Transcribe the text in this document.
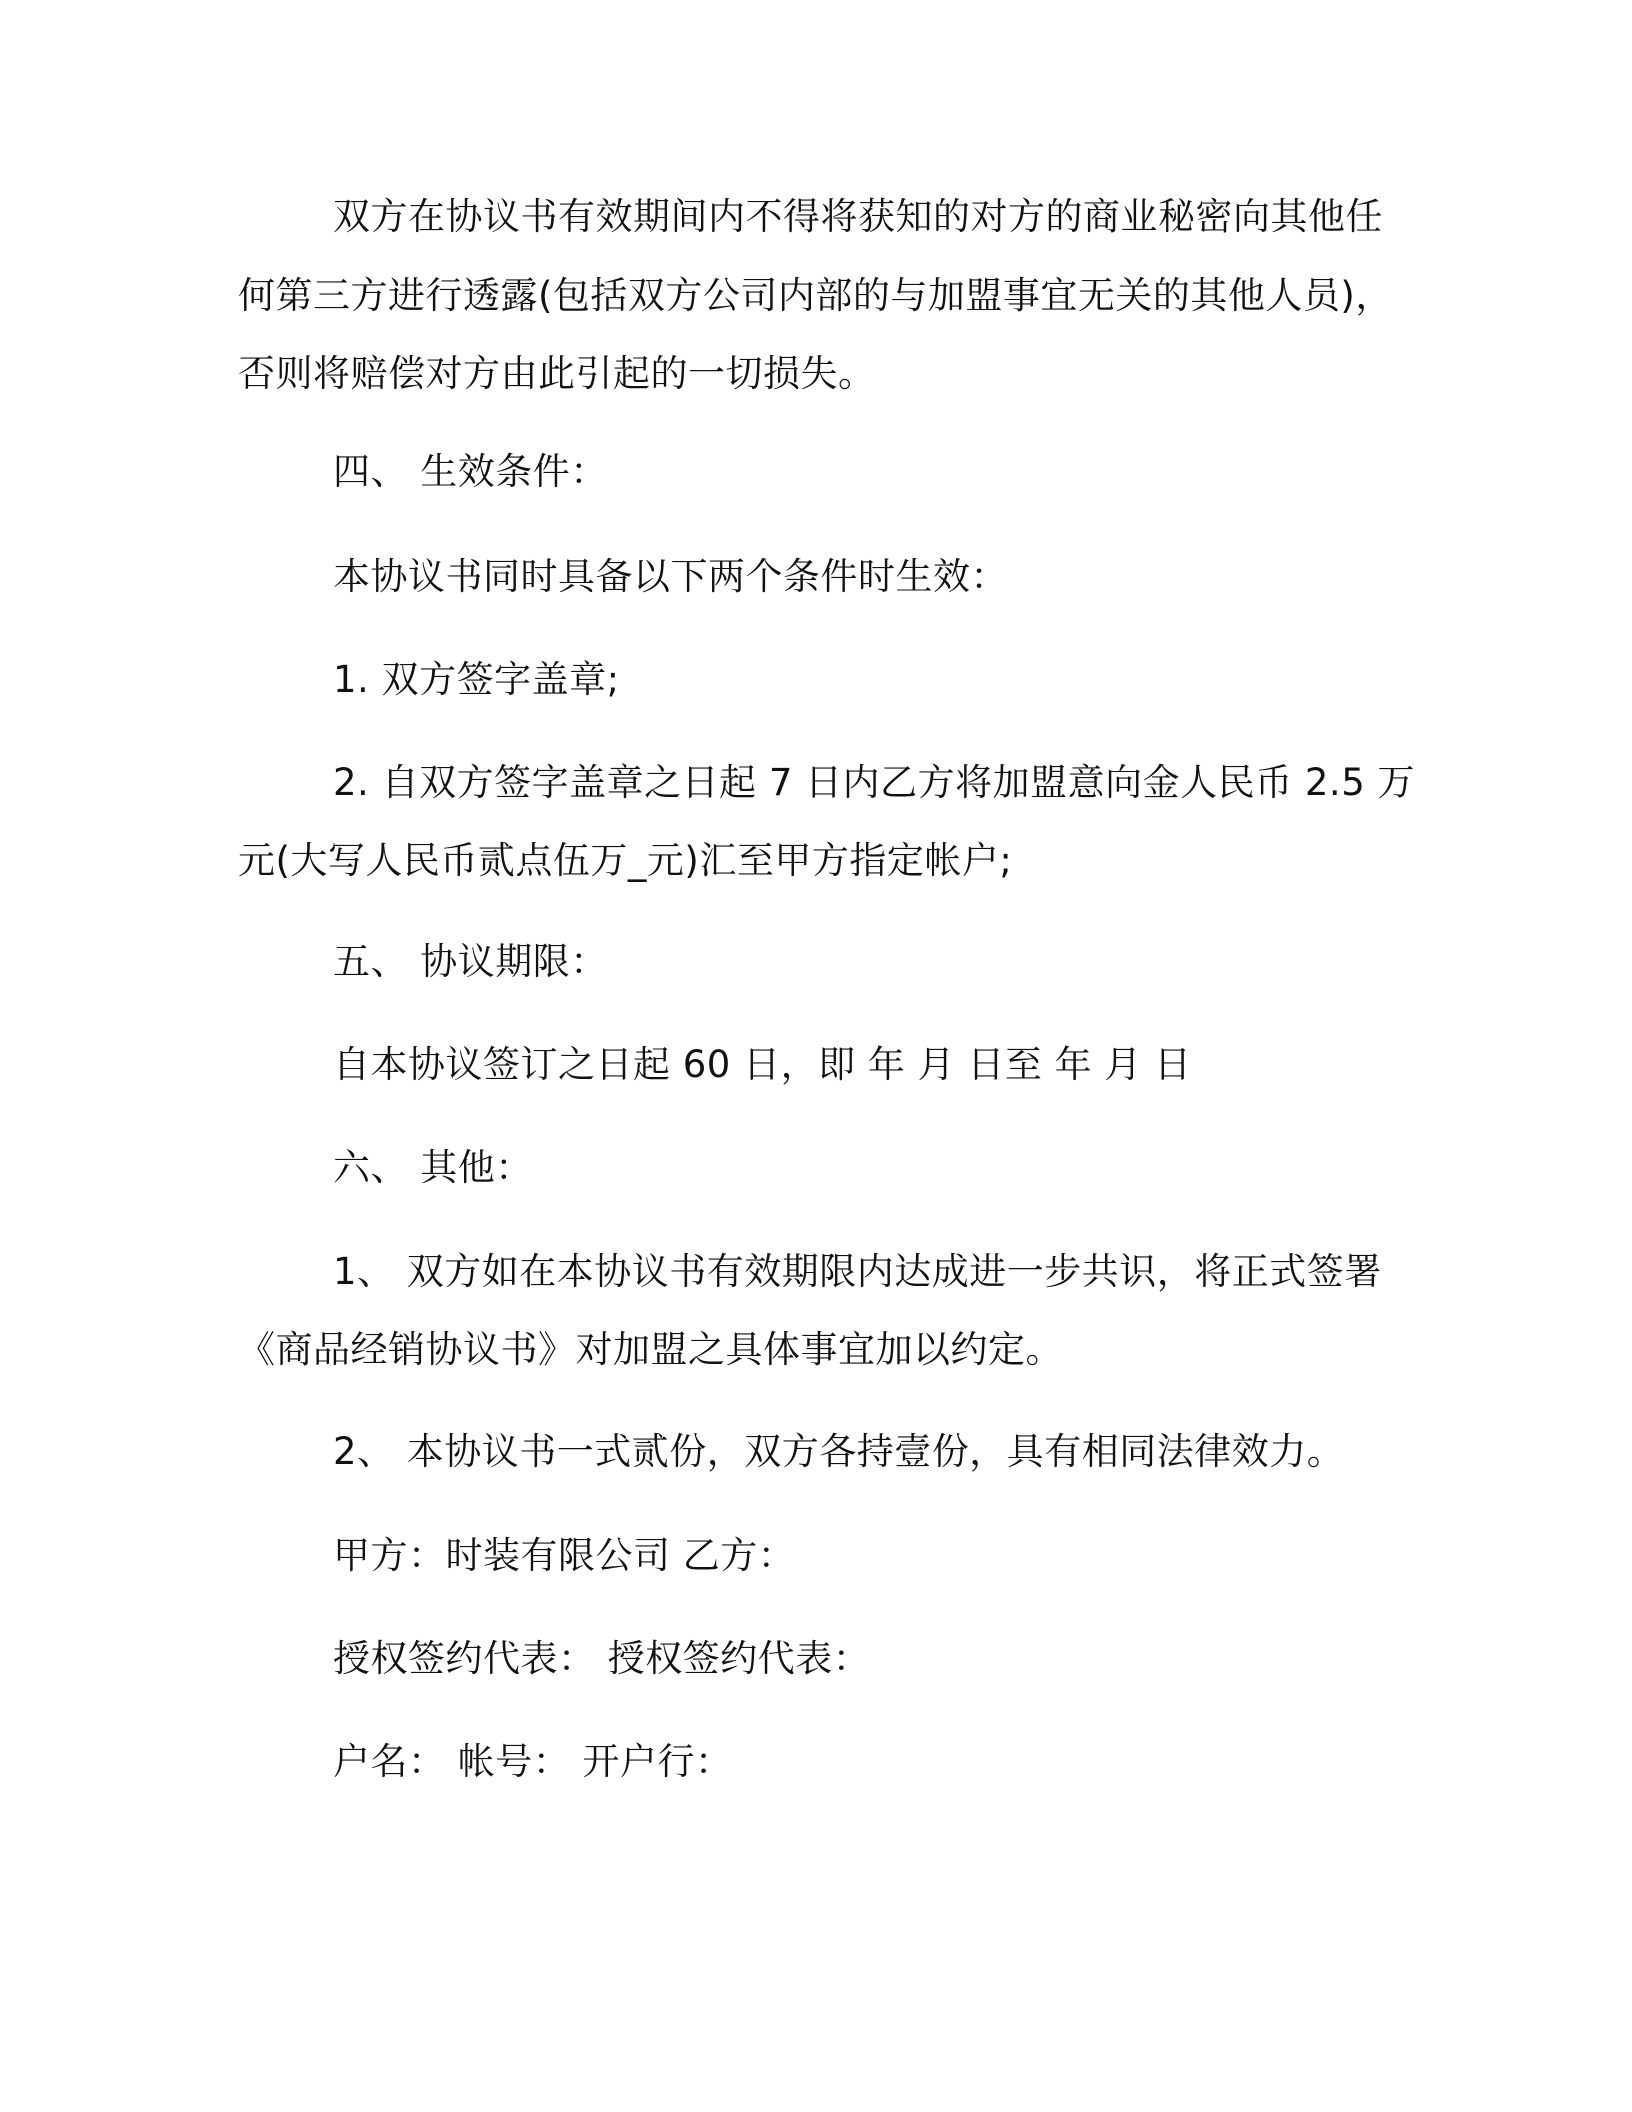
双方在协议书有效期间内不得将获知的对方的商业秘密向其他任
何第三方进行透露(包括双方公司内部的与加盟事宜无关的其他人员)，
否则将赔偿对方由此引起的一切损失。
四、 生效条件：
本协议书同时具备以下两个条件时生效：
1. 双方签字盖章;
2. 自双方签字盖章之日起 7 日内乙方将加盟意向金人民币 2.5 万
元(大写人民币贰点伍万_元)汇至甲方指定帐户;
五、 协议期限：
自本协议签订之日起 60 日，即 年 月 日至 年 月 日
六、 其他：
1、 双方如在本协议书有效期限内达成进一步共识，将正式签署
《商品经销协议书》对加盟之具体事宜加以约定。
2、 本协议书一式贰份，双方各持壹份，具有相同法律效力。
甲方：时装有限公司 乙方：
授权签约代表： 授权签约代表：
户名： 帐号： 开户行：
